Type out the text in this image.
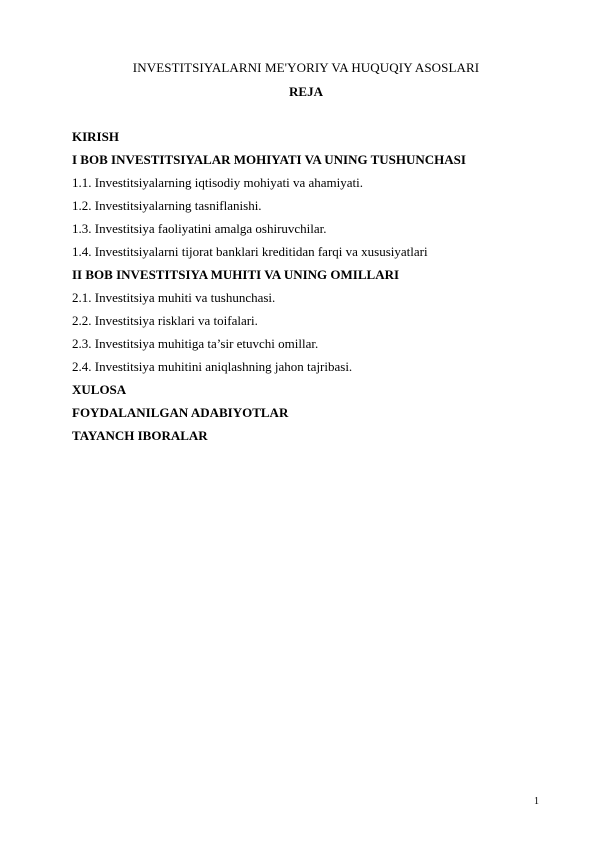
INVESTITSIYALARNI ME'YORIY VA HUQUQIY ASOSLARI
REJA
KIRISH
I BOB INVESTITSIYALAR MOHIYATI VA UNING TUSHUNCHASI
1.1. Investitsiyalarning iqtisodiy mohiyati va ahamiyati.
1.2. Investitsiyalarning tasniflanishi.
1.3. Investitsiya faoliyatini amalga oshiruvchilar.
1.4. Investitsiyalarni tijorat banklari kreditidan farqi va xususiyatlari
II BOB INVESTITSIYA MUHITI VA UNING OMILLARI
2.1. Investitsiya muhiti va tushunchasi.
2.2. Investitsiya risklari va toifalari.
2.3. Investitsiya muhitiga ta’sir etuvchi omillar.
2.4. Investitsiya muhitini aniqlashning jahon tajribasi.
XULOSA
FOYDALANILGAN ADABIYOTLAR
TAYANCH IBORALAR
1
